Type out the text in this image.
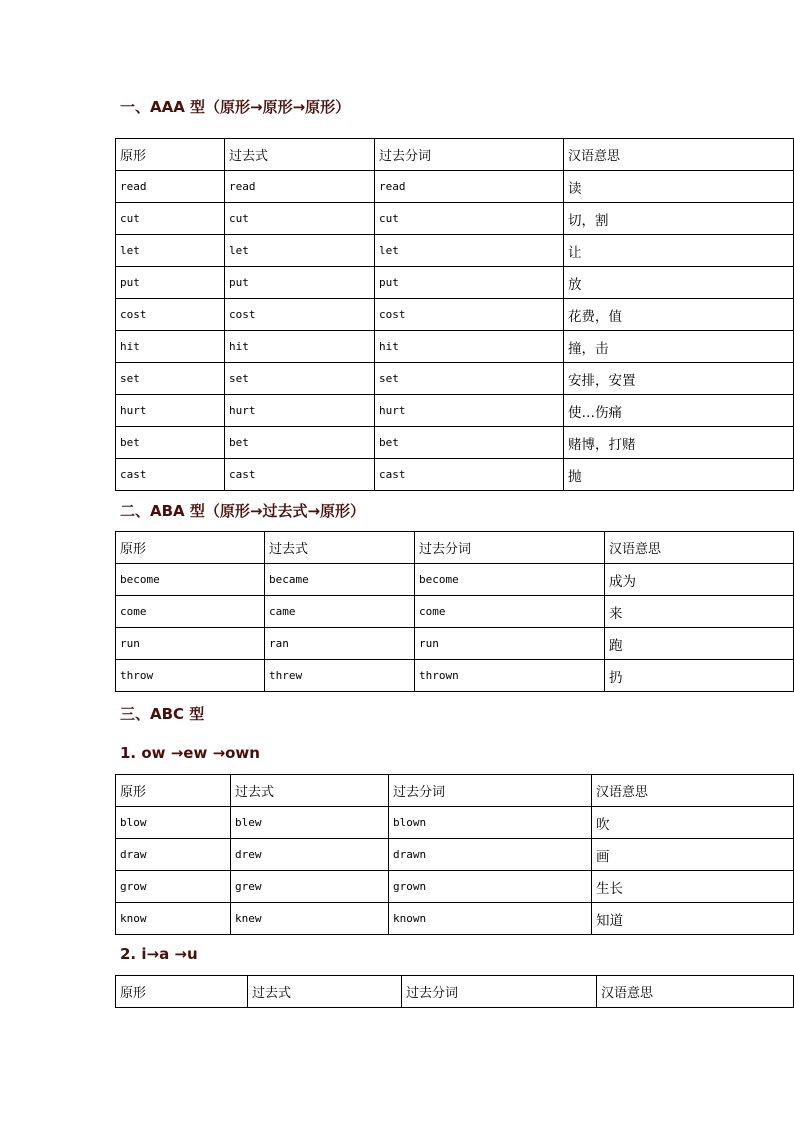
一、AAA 型（原形→原形→原形）
原形	过去式	过去分词	汉语意思
read	read	read	读
cut	cut	cut	切，割
let	let	let	让
put	put	put	放
cost	cost	cost	花费，值
hit	hit	hit	撞，击
set	set	set	安排，安置
hurt	hurt	hurt	使…伤痛
bet	bet	bet	赌博，打赌
cast	cast	cast	抛
二、ABA 型（原形→过去式→原形）
原形	过去式	过去分词	汉语意思
become	became	become	成为
come	came	come	来
run	ran	run	跑
throw	threw	thrown	扔
三、ABC 型
1. ow →ew →own
原形	过去式	过去分词	汉语意思
blow	blew	blown	吹
draw	drew	drawn	画
grow	grew	grown	生长
know	knew	known	知道
2. i→a →u
原形	过去式	过去分词	汉语意思
